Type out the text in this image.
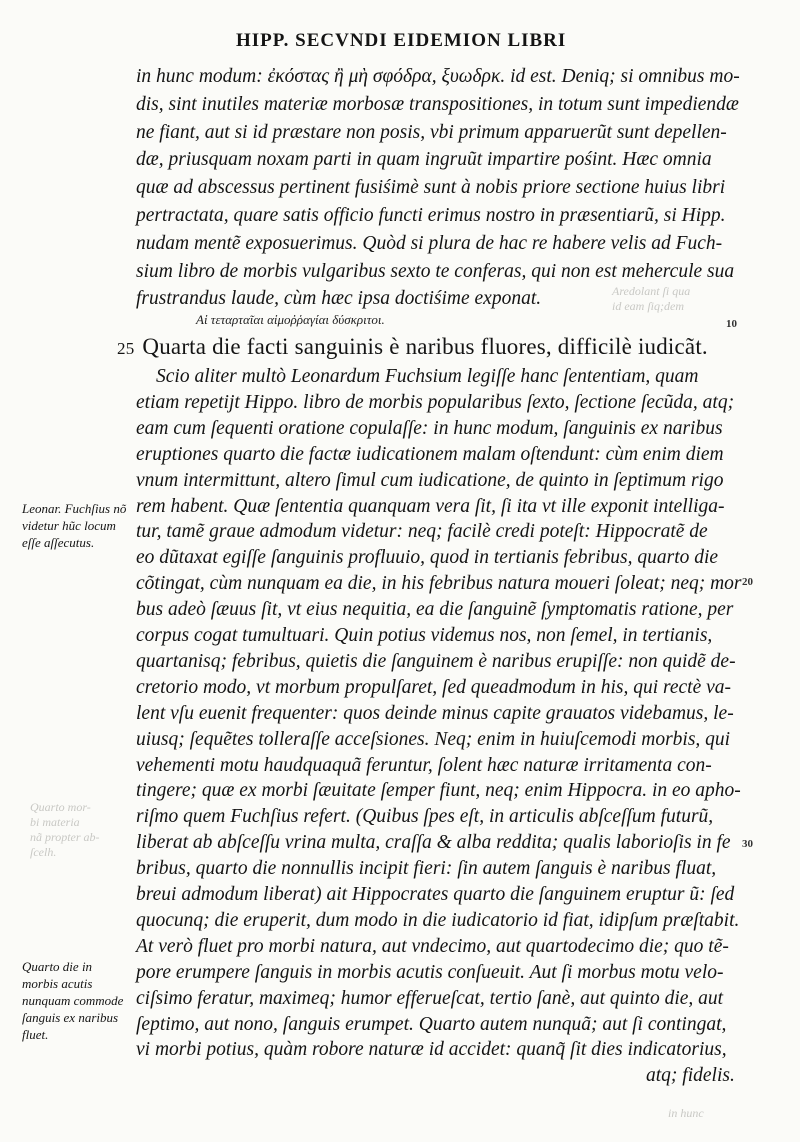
HIPP. SECVNDI EIDEMION LIBRI
in hunc modum: ἐκόστας ἢ μὴ σφόδρα, ξυωδρκ. id est. Deniq; si omnibus mo-
dis, sint inutiles materiæ morbosæ transpositiones, in totum sunt impediendæ
ne fiant, aut si id præstare non posis, vbi primum apparuerũt sunt depellen-
dæ, priusquam noxam parti in quam ingruũt impartire pośint. Hæc omnia
quæ ad abscessus pertinent fusiśimè sunt à nobis priore sectione huius libri
pertractata, quare satis officio functi erimus nostro in præsentiarũ, si Hipp.
nudam mentẽ exposuerimus. Quòd si plura de hac re habere velis ad Fuch-
sium libro de morbis vulgaribus sexto te conferas, qui non est mehercule sua
frustrandus laude, cùm hæc ipsa doctiśime exponat.
Scio aliter multò Leonardum Fuchsium legiſſe hanc ſententiam, quam
etiam repetijt Hippo. libro de morbis popularibus ſexto, ſectione ſecũda, atq;
eam cum ſequenti oratione copulaſſe: in hunc modum, ſanguinis ex naribus
eruptiones quarto die factæ iudicationem malam oſtendunt: cùm enim diem
vnum intermittunt, altero ſimul cum iudicatione, de quinto in ſeptimum rigo
rem habent. Quæ ſententia quanquam vera ſit, ſi ita vt ille exponit intelliga-
tur, tamẽ graue admodum videtur: neq; facilè credi poteſt: Hippocratẽ de
eo dũtaxat egiſſe ſanguinis profluuio, quod in tertianis febribus, quarto die
cõtingat, cùm nunquam ea die, in his febribus natura moueri ſoleat; neq; mor
bus adeò ſæuus ſit, vt eius nequitia, ea die ſanguinẽ ſymptomatis ratione, per
corpus cogat tumultuari. Quin potius videmus nos, non ſemel, in tertianis,
quartanisq; febribus, quietis die ſanguinem è naribus erupiſſe: non quidẽ de-
cretorio modo, vt morbum propulſaret, ſed queadmodum in his, qui rectè va-
lent vſu euenit frequenter: quos deinde minus capite grauatos videbamus, le-
uiusq; ſequẽtes tolleraſſe acceſsiones. Neq; enim in huiuſcemodi morbis, qui
vehementi motu haudquaquã feruntur, ſolent hæc naturæ irritamenta con-
tingere; quæ ex morbi ſæuitate ſemper fiunt, neq; enim Hippocra. in eo apho-
riſmo quem Fuchſius refert. (Quibus ſpes eſt, in articulis abſceſſum futurũ,
liberat ab abſceſſu vrina multa, craſſa & alba reddita; qualis laborioſis in fe
bribus, quarto die nonnullis incipit fieri: ſin autem ſanguis è naribus fluat,
breui admodum liberat) ait Hippocrates quarto die ſanguinem eruptur ũ: ſed
quocunq; die eruperit, dum modo in die iudicatorio id fiat, idipſum præſtabit.
At verò fluet pro morbi natura, aut vndecimo, aut quartodecimo die; quo tẽ-
pore erumpere ſanguis in morbis acutis conſueuit. Aut ſi morbus motu velo-
ciſsimo feratur, maximeq; humor efferueſcat, tertio ſanè, aut quinto die, aut
ſeptimo, aut nono, ſanguis erumpet. Quarto autem nunquã; aut ſi contingat,
vi morbi potius, quàm robore naturæ id accidet: quanq̃ ſit dies indicatorius,
atq; fidelis.
Αἱ τεταρταῖαι αἱμοῤῥαγίαι δύσκριτοι.
25 Quarta die facti sanguinis è naribus fluores, difficilè iudicãt.
Leonar. Fuchſius nõ videtur hũc locum eſſe aſſecutus.
Quarto die in morbis acutis nunquam commode ſanguis ex naribus fluet.
10
20
30
Quarto mor-
bi materia
nã propter ab-
ſcelh.
Aredolant ſi qua
id eam ſiq;dem
in hunc
